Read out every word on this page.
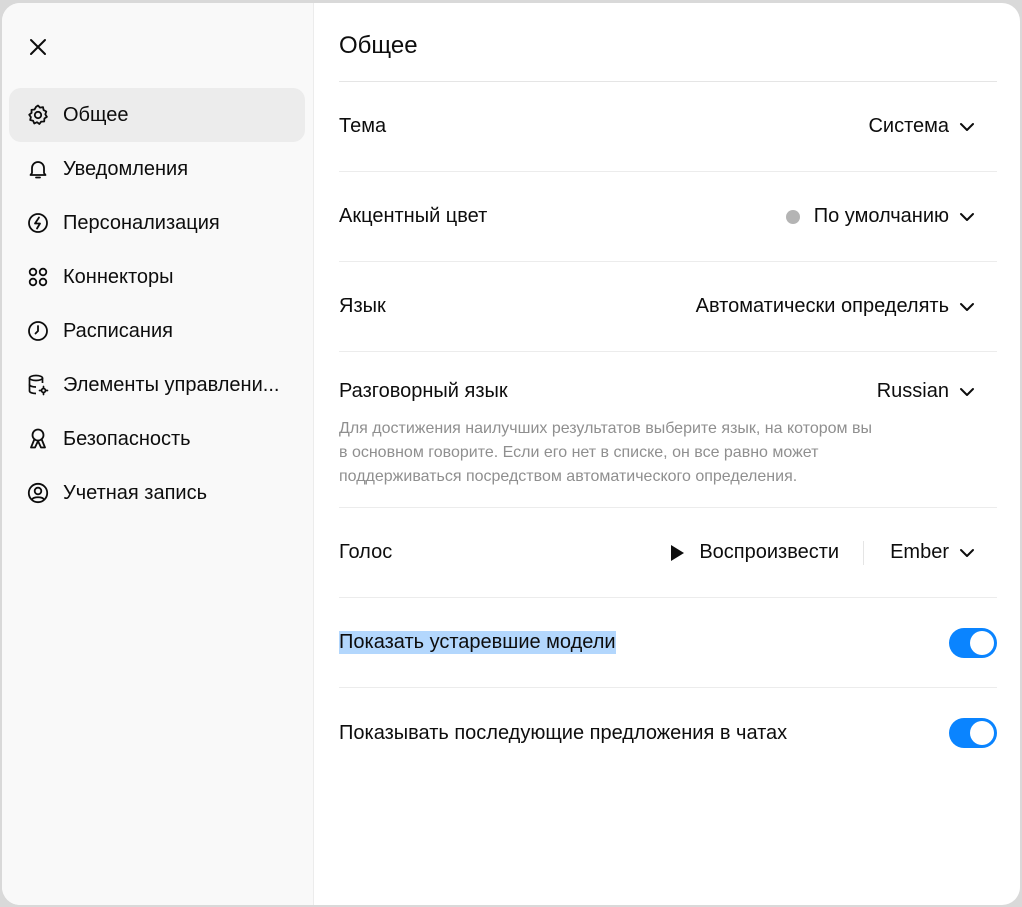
Общее
Уведомления
Персонализация
Коннекторы
Расписания
Элементы управлени...
Безопасность
Учетная запись
Общее
Тема	Система
Акцентный цвет	По умолчанию
Язык	Автоматически определять
Разговорный язык	Russian

Для достижения наилучших результатов выберите язык, на котором вы в основном говорите. Если его нет в списке, он все равно может поддерживаться посредством автоматического определения.

Голос	Воспроизвести	Ember
Показать устаревшие модели
Показывать последующие предложения в чатах
